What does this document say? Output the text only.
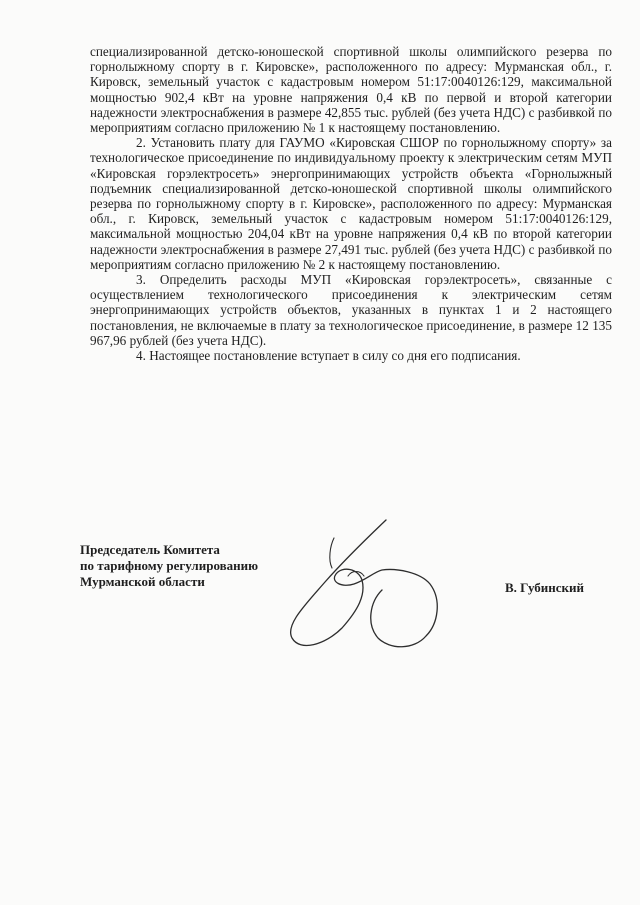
специализированной детско-юношеской спортивной школы олимпийского резерва по горнолыжному спорту в г. Кировске», расположенного по адресу: Мурманская обл., г. Кировск, земельный участок с кадастровым номером 51:17:0040126:129, максимальной мощностью 902,4 кВт на уровне напряжения 0,4 кВ по первой и второй категории надежности электроснабжения в размере 42,855 тыс. рублей (без учета НДС) с разбивкой по мероприятиям согласно приложению № 1 к настоящему постановлению.

2. Установить плату для ГАУМО «Кировская СШОР по горнолыжному спорту» за технологическое присоединение по индивидуальному проекту к электрическим сетям МУП «Кировская горэлектросеть» энергопринимающих устройств объекта «Горнолыжный подъемник специализированной детско-юношеской спортивной школы олимпийского резерва по горнолыжному спорту в г. Кировске», расположенного по адресу: Мурманская обл., г. Кировск, земельный участок с кадастровым номером 51:17:0040126:129, максимальной мощностью 204,04 кВт на уровне напряжения 0,4 кВ по второй категории надежности электроснабжения в размере 27,491 тыс. рублей (без учета НДС) с разбивкой по мероприятиям согласно приложению № 2 к настоящему постановлению.

3. Определить расходы МУП «Кировская горэлектросеть», связанные с осуществлением технологического присоединения к электрическим сетям энергопринимающих устройств объектов, указанных в пунктах 1 и 2 настоящего постановления, не включаемые в плату за технологическое присоединение, в размере 12 135 967,96 рублей (без учета НДС).

4. Настоящее постановление вступает в силу со дня его подписания.

Председатель Комитета
по тарифному регулированию
Мурманской области	В. Губинский
